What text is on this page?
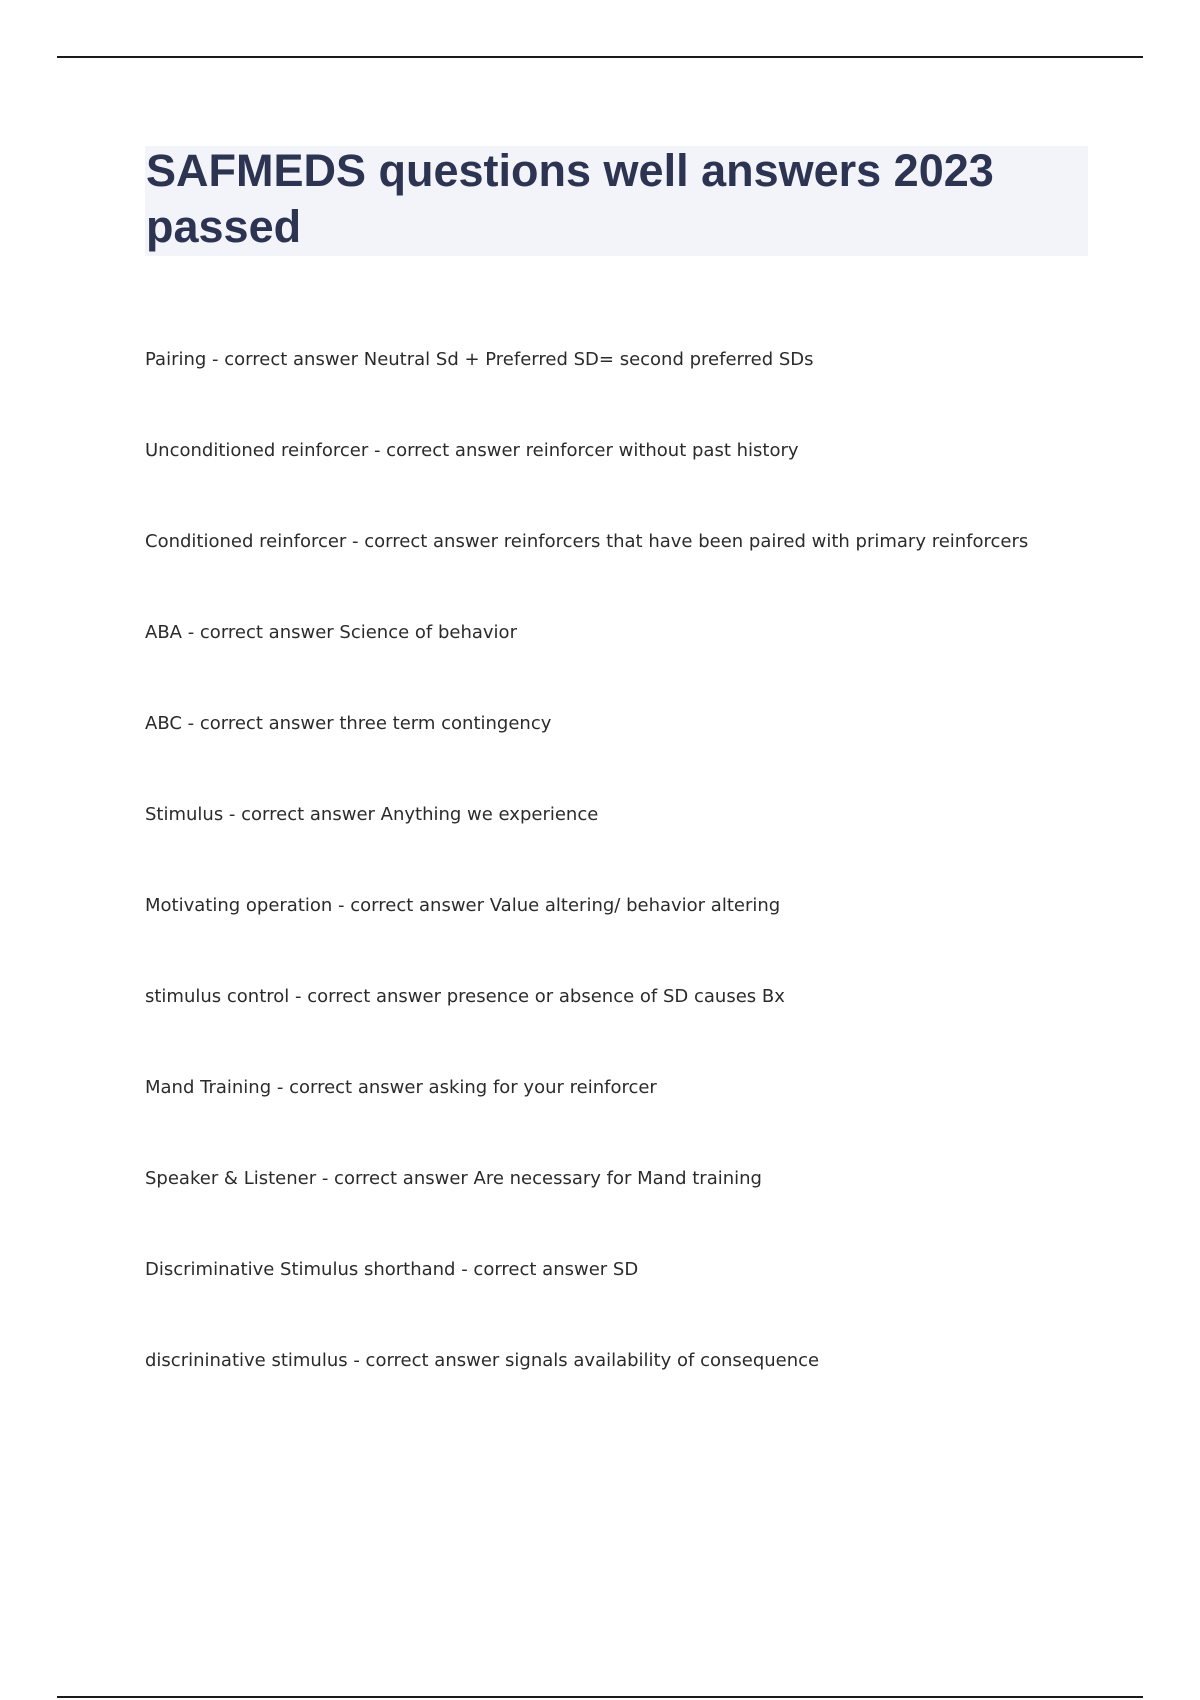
SAFMEDS questions well answers 2023 passed
Pairing - correct answer Neutral Sd + Preferred SD= second preferred SDs
Unconditioned reinforcer - correct answer reinforcer without past history
Conditioned reinforcer - correct answer reinforcers that have been paired with primary reinforcers
ABA - correct answer Science of behavior
ABC - correct answer three term contingency
Stimulus - correct answer Anything we experience
Motivating operation - correct answer Value altering/ behavior altering
stimulus control - correct answer presence or absence of SD causes Bx
Mand Training - correct answer asking for your reinforcer
Speaker & Listener - correct answer Are necessary for Mand training
Discriminative Stimulus shorthand - correct answer SD
discrininative stimulus - correct answer signals availability of consequence
